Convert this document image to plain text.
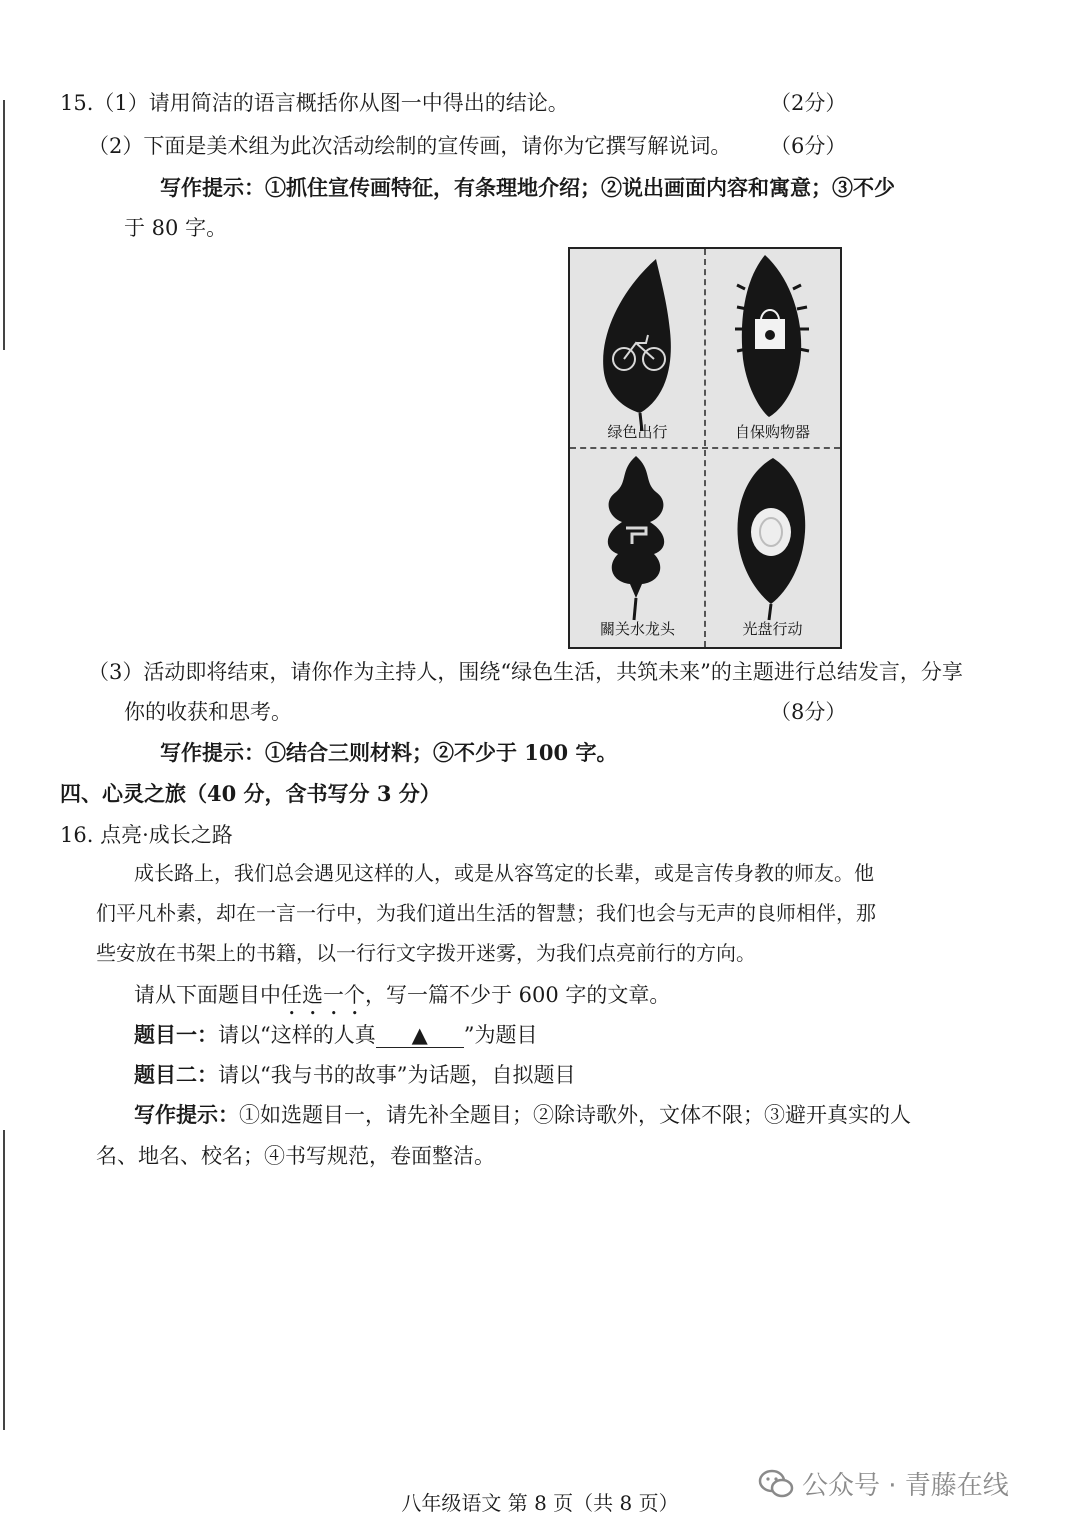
15.（1）请用简洁的语言概括你从图一中得出的结论。	（2分）
（2）下面是美术组为此次活动绘制的宣传画，请你为它撰写解说词。 （6分）
写作提示：①抓住宣传画特征，有条理地介绍；②说出画面内容和寓意；③不少
于 80 字。
绿色出行	自保购物器
關关水龙头	光盘行动
（3）活动即将结束，请你作为主持人，围绕“绿色生活，共筑未来”的主题进行总结发言，分享
你的收获和思考。	（8分）
写作提示：①结合三则材料；②不少于 100 字。
四、心灵之旅（40 分，含书写分 3 分）
16. 点亮·成长之路
成长路上，我们总会遇见这样的人，或是从容笃定的长辈，或是言传身教的师友。他
们平凡朴素，却在一言一行中，为我们道出生活的智慧；我们也会与无声的良师相伴，那
些安放在书架上的书籍，以一行行文字拨开迷雾，为我们点亮前行的方向。
请从下面题目中任选一个，写一篇不少于 600 字的文章。
题目一：请以“这样的人真 ▲ ”为题目
题目二：请以“我与书的故事”为话题，自拟题目
写作提示：①如选题目一，请先补全题目；②除诗歌外，文体不限；③避开真实的人
名、地名、校名；④书写规范，卷面整洁。
公众号 · 青藤在线
八年级语文 第 8 页（共 8 页）
